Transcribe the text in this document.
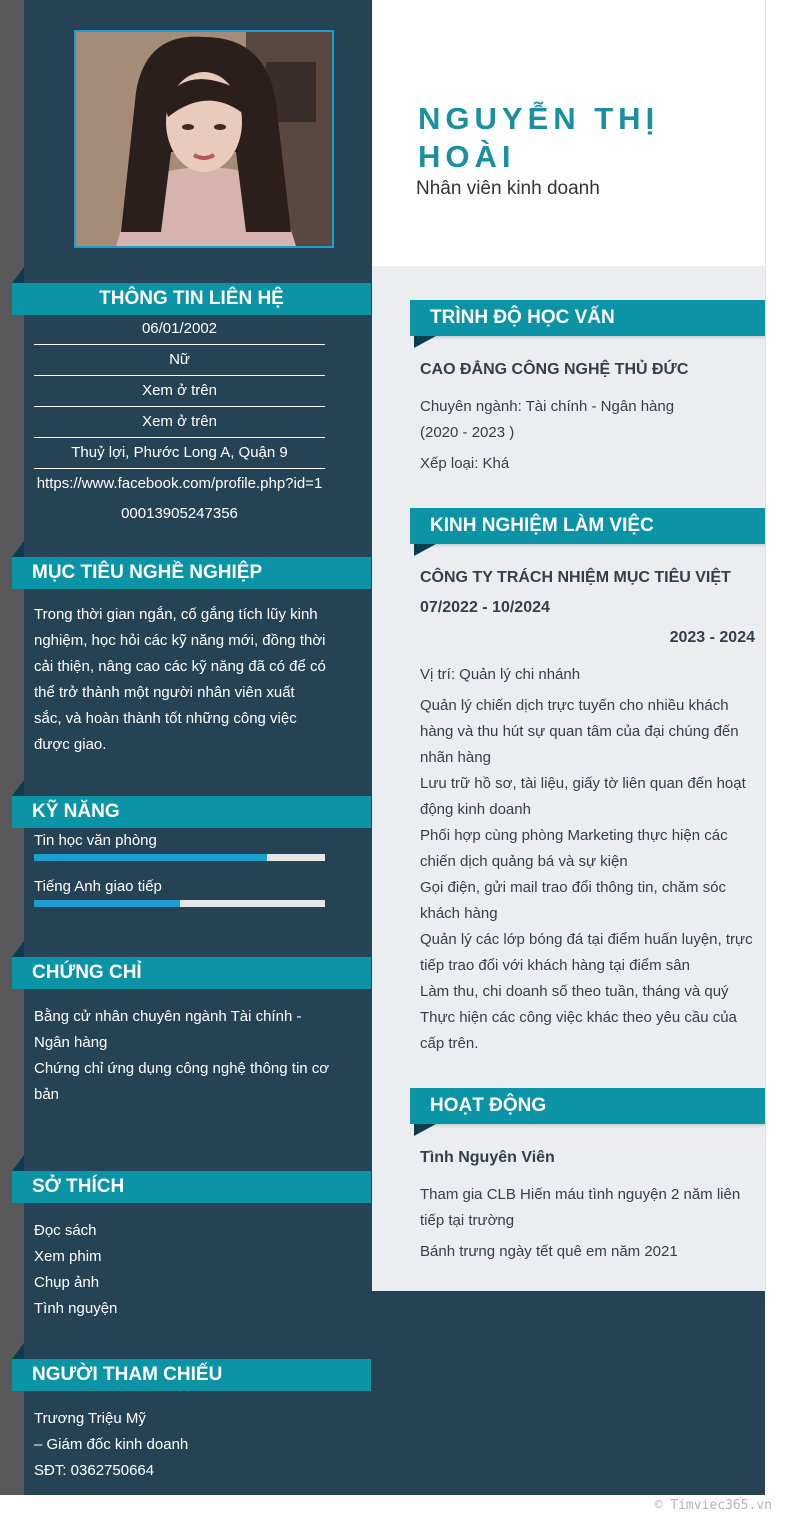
NGUYỄN THỊ HOÀI
Nhân viên kinh doanh
THÔNG TIN LIÊN HỆ
06/01/2002
Nữ
Xem ở trên
Xem ở trên
Thuỷ lợi, Phước Long A, Quận 9
https://www.facebook.com/profile.php?id=100013905247356
MỤC TIÊU NGHỀ NGHIỆP
Trong thời gian ngắn, cố gắng tích lũy kinh nghiệm, học hỏi các kỹ năng mới, đồng thời cải thiện, nâng cao các kỹ năng đã có để có thể trở thành một người nhân viên xuất sắc, và hoàn thành tốt những công việc được giao.
KỸ NĂNG
Tin học văn phòng
Tiếng Anh giao tiếp
CHỨNG CHỈ
Bằng cử nhân chuyên ngành Tài chính - Ngân hàng
Chứng chỉ ứng dụng công nghệ thông tin cơ bản
SỞ THÍCH
Đọc sách
Xem phim
Chụp ảnh
Tình nguyện
NGƯỜI THAM CHIẾU
Trương Triệu Mỹ
– Giám đốc kinh doanh
SĐT: 0362750664
TRÌNH ĐỘ HỌC VẤN
CAO ĐẲNG CÔNG NGHỆ THỦ ĐỨC
Chuyên ngành: Tài chính - Ngân hàng
(2020 - 2023 )
Xếp loại: Khá
KINH NGHIỆM LÀM VIỆC
CÔNG TY TRÁCH NHIỆM MỤC TIÊU VIỆT
07/2022 - 10/2024
2023 - 2024
Vị trí: Quản lý chi nhánh
Quản lý chiến dịch trực tuyến cho nhiều khách hàng và thu hút sự quan tâm của đại chúng đến nhãn hàng
Lưu trữ hồ sơ, tài liệu, giấy tờ liên quan đến hoạt động kinh doanh
Phối hợp cùng phòng Marketing thực hiện các chiến dịch quảng bá và sự kiện
Gọi điện, gửi mail trao đổi thông tin, chăm sóc khách hàng
Quản lý các lớp bóng đá tại điểm huấn luyện, trực tiếp trao đổi với khách hàng tại điểm sân
Làm thu, chi doanh số theo tuần, tháng và quý
Thực hiện các công việc khác theo yêu cầu của cấp trên.
HOẠT ĐỘNG
Tình Nguyên Viên
Tham gia CLB Hiến máu tình nguyện 2 năm liên tiếp tại trường
Bánh trưng ngày tết quê em năm 2021
© Timviec365.vn
